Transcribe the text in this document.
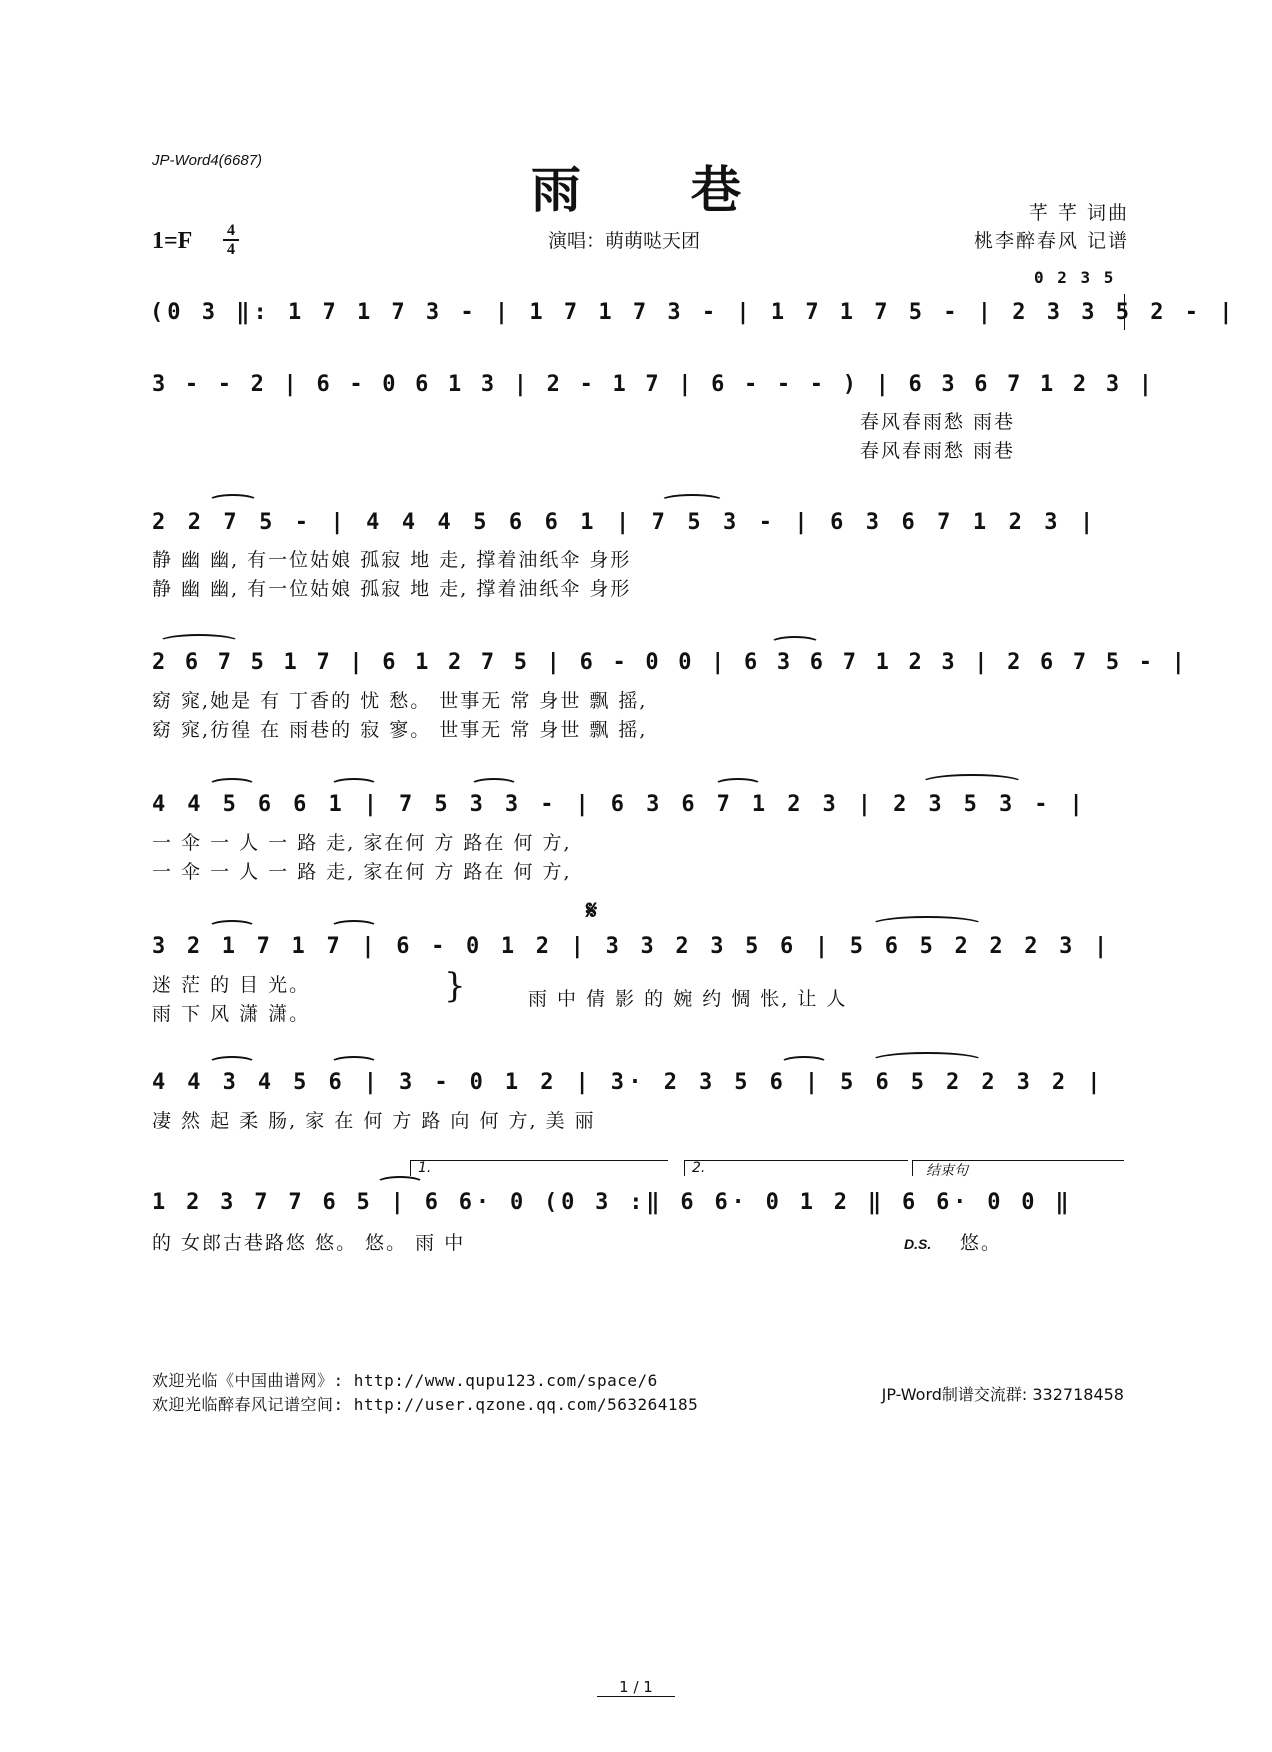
JP-Word4(6687)	雨巷
1=F	4
4	演唱：萌萌哒天团
芊 芊 词曲
桃李醉春风 记谱
(0 3 ‖: 1 7 1 7 3 - | 1 7 1 7 3 - | 1 7 1 7 5 - | 2 3 3 5 2 - |
0 2 3 5
3 - - 2 | 6 - 0 6 1 3 | 2 - 1 7 | 6 - - - ) | 6 3 6 7 1 2 3 |
春风春雨愁 雨巷
春风春雨愁 雨巷
2 2 7 5 - | 4 4 4 5 6 6 1 | 7 5 3 - | 6 3 6 7 1 2 3 |
静 幽 幽, 有一位姑娘 孤寂 地 走, 撑着油纸伞 身形
静 幽 幽, 有一位姑娘 孤寂 地 走, 撑着油纸伞 身形
2 6 7 5 1 7 | 6 1 2 7 5 | 6 - 0 0 | 6 3 6 7 1 2 3 | 2 6 7 5 - |
窈 窕,她是 有 丁香的 忧 愁。 世事无 常 身世 飘 摇,
窈 窕,彷徨 在 雨巷的 寂 寥。 世事无 常 身世 飘 摇,
4 4 5 6 6 1 | 7 5 3 3 - | 6 3 6 7 1 2 3 | 2 3 5 3 - |
一 伞 一 人 一 路 走, 家在何 方 路在 何 方,
一 伞 一 人 一 路 走, 家在何 方 路在 何 方,
𝄋
3 2 1 7 1 7 | 6 - 0 1 2 | 3 3 2 3 5 6 | 5 6 5 2 2 2 3 |
迷 茫 的 目 光。
雨 下 风 潇 潇。
}	雨 中 倩 影 的 婉 约 惆 怅, 让 人
4 4 3 4 5 6 | 3 - 0 1 2 | 3· 2 3 5 6 | 5 6 5 2 2 3 2 |
凄 然 起 柔 肠, 家 在 何 方 路 向 何 方, 美 丽
1.	2.	结束句
1 2 3 7 7 6 5 | 6 6· 0 (0 3 :‖ 6 6· 0 1 2 ‖ 6 6· 0 0 ‖
的 女郎古巷路悠 悠。 悠。 雨 中	D.S. 悠。
欢迎光临《中国曲谱网》: http://www.qupu123.com/space/6
欢迎光临醉春风记谱空间: http://user.qzone.qq.com/563264185
JP-Word制谱交流群: 332718458
1 / 1
